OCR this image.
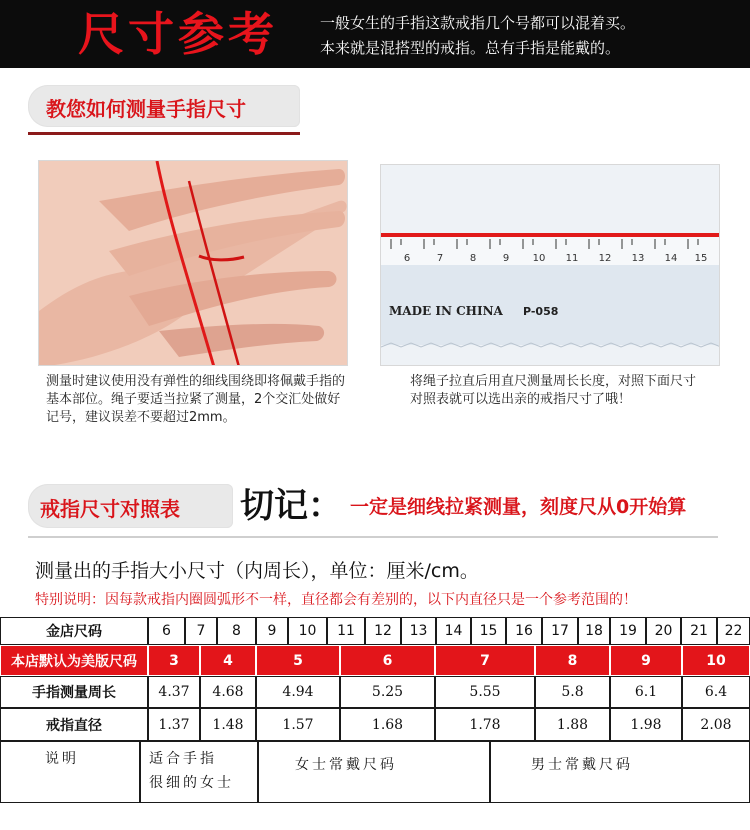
尺寸参考	一般女生的手指这款戒指几个号都可以混着买。
本来就是混搭型的戒指。总有手指是能戴的。
教您如何测量手指尺寸
6	7	8	9 10 11 12 13 14 15
MADE IN CHINA P-058
测量时建议使用没有弹性的细线围绕即将佩戴手指的基本部位。绳子要适当拉紧了测量，2个交汇处做好记号，建议误差不要超过2mm。
将绳子拉直后用直尺测量周长长度，对照下面尺寸对照表就可以选出亲的戒指尺寸了哦！
戒指尺寸对照表 切记： 一定是细线拉紧测量，刻度尺从0开始算
测量出的手指大小尺寸（内周长），单位：厘米/cm。
特别说明：因每款戒指内圈圆弧形不一样，直径都会有差别的，以下内直径只是一个参考范围的！
金店尺码	6	7	8	9	10	11	12	13	14	15	16	17	18	19	20	21	22
本店默认为美版尺码	3	4	5	6	7	8	9	10
手指测量周长	4.37	4.68	4.94	5.25	5.55	5.8	6.1	6.4
戒指直径	1.37	1.48	1.57	1.68	1.78	1.88	1.98	2.08
说明	适合手指
很细的女士
女士常戴尺码	男士常戴尺码
